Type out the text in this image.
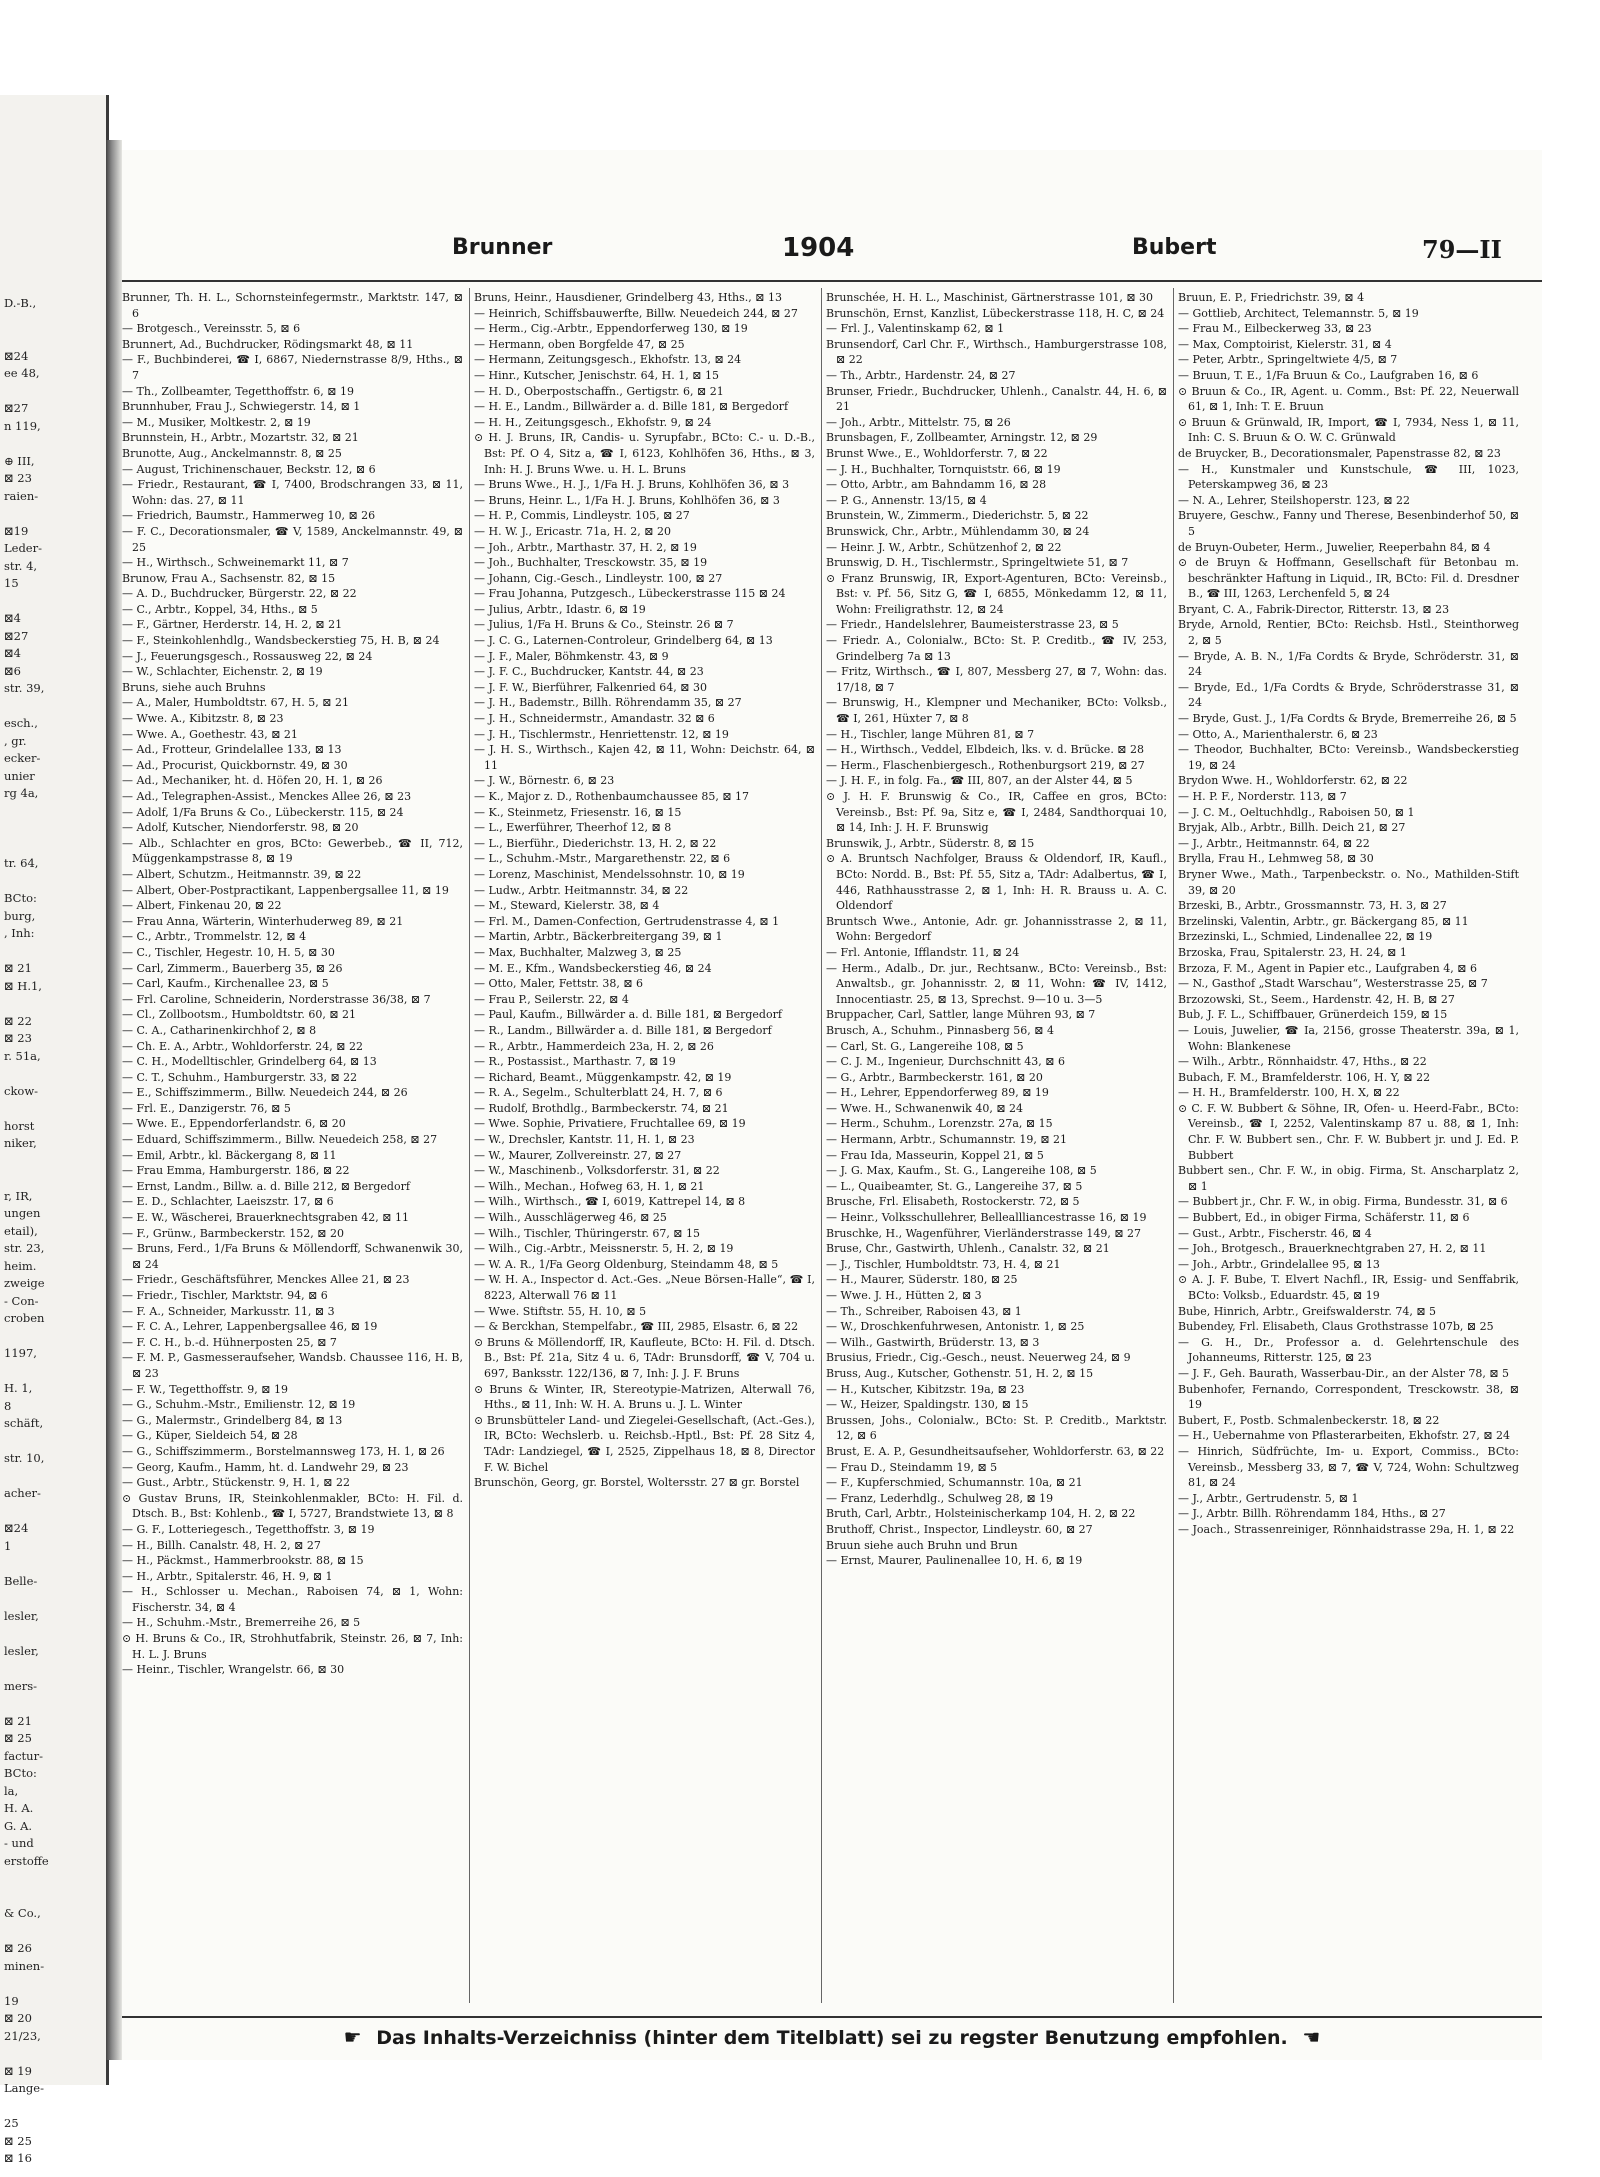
D.-B.,

⊠24
ee 48,

⊠27
n 119,

⊕ III,
⊠ 23
raien-

⊠19
Leder-
str. 4,
15

⊠4
⊠27
⊠4
⊠6
str. 39,

esch.,
, gr.
ecker-
unier
rg 4a,

tr. 64,

BCto:
burg,
, Inh:

⊠ 21
⊠ H.1,

⊠ 22
⊠ 23
r. 51a,

ckow-

horst
niker,

r, IR,
ungen
etail),
str. 23,
heim.
zweige
- Con-
croben

1197,

H. 1,
8
schäft,

str. 10,

acher-

⊠24
1

Belle-

lesler,

lesler,

mers-

⊠ 21
⊠ 25
factur-
BCto:
la,
H. A.
G. A.
- und
erstoffe

& Co.,

⊠ 26
minen-

19
⊠ 20
21/23,

⊠ 19
Lange-

25
⊠ 25
⊠ 16
Brunner	1904	Bubert	79—II

Brunner, Th. H. L., Schornsteinfegermstr., Marktstr. 147, ⊠ 6

— Brotgesch., Vereinsstr. 5, ⊠ 6

Brunnert, Ad., Buchdrucker, Rödingsmarkt 48, ⊠ 11

— F., Buchbinderei, ☎ I, 6867, Niedernstrasse 8/9, Hths., ⊠ 7

— Th., Zollbeamter, Tegetthoffstr. 6, ⊠ 19

Brunnhuber, Frau J., Schwiegerstr. 14, ⊠ 1

— M., Musiker, Moltkestr. 2, ⊠ 19

Brunnstein, H., Arbtr., Mozartstr. 32, ⊠ 21

Brunotte, Aug., Anckelmannstr. 8, ⊠ 25

— August, Trichinenschauer, Beckstr. 12, ⊠ 6

— Friedr., Restaurant, ☎ I, 7400, Brodschrangen 33, ⊠ 11, Wohn: das. 27, ⊠ 11

— Friedrich, Baumstr., Hammerweg 10, ⊠ 26

— F. C., Decorationsmaler, ☎ V, 1589, Anckelmannstr. 49, ⊠ 25

— H., Wirthsch., Schweinemarkt 11, ⊠ 7

Brunow, Frau A., Sachsenstr. 82, ⊠ 15

— A. D., Buchdrucker, Bürgerstr. 22, ⊠ 22

— C., Arbtr., Koppel, 34, Hths., ⊠ 5

— F., Gärtner, Herderstr. 14, H. 2, ⊠ 21

— F., Steinkohlenhdlg., Wandsbeckerstieg 75, H. B, ⊠ 24

— J., Feuerungsgesch., Rossausweg 22, ⊠ 24

— W., Schlachter, Eichenstr. 2, ⊠ 19

Bruns, siehe auch Bruhns

— A., Maler, Humboldtstr. 67, H. 5, ⊠ 21

— Wwe. A., Kibitzstr. 8, ⊠ 23

— Wwe. A., Goethestr. 43, ⊠ 21

— Ad., Frotteur, Grindelallee 133, ⊠ 13

— Ad., Procurist, Quickbornstr. 49, ⊠ 30

— Ad., Mechaniker, ht. d. Höfen 20, H. 1, ⊠ 26

— Ad., Telegraphen-Assist., Menckes Allee 26, ⊠ 23

— Adolf, 1/Fa Bruns & Co., Lübeckerstr. 115, ⊠ 24

— Adolf, Kutscher, Niendorferstr. 98, ⊠ 20

— Alb., Schlachter en gros, BCto: Gewerbeb., ☎ II, 712, Müggenkampstrasse 8, ⊠ 19

— Albert, Schutzm., Heitmannstr. 39, ⊠ 22

— Albert, Ober-Postpractikant, Lappenbergsallee 11, ⊠ 19

— Albert, Finkenau 20, ⊠ 22

— Frau Anna, Wärterin, Winterhuderweg 89, ⊠ 21

— C., Arbtr., Trommelstr. 12, ⊠ 4

— C., Tischler, Hegestr. 10, H. 5, ⊠ 30

— Carl, Zimmerm., Bauerberg 35, ⊠ 26

— Carl, Kaufm., Kirchenallee 23, ⊠ 5

— Frl. Caroline, Schneiderin, Norderstrasse 36/38, ⊠ 7

— Cl., Zollbootsm., Humboldtstr. 60, ⊠ 21

— C. A., Catharinenkirchhof 2, ⊠ 8

— Ch. E. A., Arbtr., Wohldorferstr. 24, ⊠ 22

— C. H., Modelltischler, Grindelberg 64, ⊠ 13

— C. T., Schuhm., Hamburgerstr. 33, ⊠ 22

— E., Schiffszimmerm., Billw. Neuedeich 244, ⊠ 26

— Frl. E., Danzigerstr. 76, ⊠ 5

— Wwe. E., Eppendorferlandstr. 6, ⊠ 20

— Eduard, Schiffszimmerm., Billw. Neuedeich 258, ⊠ 27

— Emil, Arbtr., kl. Bäckergang 8, ⊠ 11

— Frau Emma, Hamburgerstr. 186, ⊠ 22

— Ernst, Landm., Billw. a. d. Bille 212, ⊠ Bergedorf

— E. D., Schlachter, Laeiszstr. 17, ⊠ 6

— E. W., Wäscherei, Brauerknechtsgraben 42, ⊠ 11

— F., Grünw., Barmbeckerstr. 152, ⊠ 20

— Bruns, Ferd., 1/Fa Bruns & Möllendorff, Schwanenwik 30, ⊠ 24

— Friedr., Geschäftsführer, Menckes Allee 21, ⊠ 23

— Friedr., Tischler, Marktstr. 94, ⊠ 6

— F. A., Schneider, Markusstr. 11, ⊠ 3

— F. C. A., Lehrer, Lappenbergsallee 46, ⊠ 19

— F. C. H., b.-d. Hühnerposten 25, ⊠ 7

— F. M. P., Gasmesseraufseher, Wandsb. Chaussee 116, H. B, ⊠ 23

— F. W., Tegetthoffstr. 9, ⊠ 19

— G., Schuhm.-Mstr., Emilienstr. 12, ⊠ 19

— G., Malermstr., Grindelberg 84, ⊠ 13

— G., Küper, Sieldeich 54, ⊠ 28

— G., Schiffszimmerm., Borstelmannsweg 173, H. 1, ⊠ 26

— Georg, Kaufm., Hamm, ht. d. Landwehr 29, ⊠ 23

— Gust., Arbtr., Stückenstr. 9, H. 1, ⊠ 22

⊙ Gustav Bruns, IR, Steinkohlenmakler, BCto: H. Fil. d. Dtsch. B., Bst: Kohlenb., ☎ I, 5727, Brandstwiete 13, ⊠ 8

— G. F., Lotteriegesch., Tegetthoffstr. 3, ⊠ 19

— H., Billh. Canalstr. 48, H. 2, ⊠ 27

— H., Päckmst., Hammerbrookstr. 88, ⊠ 15

— H., Arbtr., Spitalerstr. 46, H. 9, ⊠ 1

— H., Schlosser u. Mechan., Raboisen 74, ⊠ 1, Wohn: Fischerstr. 34, ⊠ 4

— H., Schuhm.-Mstr., Bremerreihe 26, ⊠ 5

⊙ H. Bruns & Co., IR, Strohhutfabrik, Steinstr. 26, ⊠ 7, Inh: H. L. J. Bruns

— Heinr., Tischler, Wrangelstr. 66, ⊠ 30

Bruns, Heinr., Hausdiener, Grindelberg 43, Hths., ⊠ 13

— Heinrich, Schiffsbauwerfte, Billw. Neuedeich 244, ⊠ 27

— Herm., Cig.-Arbtr., Eppendorferweg 130, ⊠ 19

— Hermann, oben Borgfelde 47, ⊠ 25

— Hermann, Zeitungsgesch., Ekhofstr. 13, ⊠ 24

— Hinr., Kutscher, Jenischstr. 64, H. 1, ⊠ 15

— H. D., Oberpostschaffn., Gertigstr. 6, ⊠ 21

— H. E., Landm., Billwärder a. d. Bille 181, ⊠ Bergedorf

— H. H., Zeitungsgesch., Ekhofstr. 9, ⊠ 24

⊙ H. J. Bruns, IR, Candis- u. Syrupfabr., BCto: C.- u. D.-B., Bst: Pf. O 4, Sitz a, ☎ I, 6123, Kohlhöfen 36, Hths., ⊠ 3, Inh: H. J. Bruns Wwe. u. H. L. Bruns

— Bruns Wwe., H. J., 1/Fa H. J. Bruns, Kohlhöfen 36, ⊠ 3

— Bruns, Heinr. L., 1/Fa H. J. Bruns, Kohlhöfen 36, ⊠ 3

— H. P., Commis, Lindleystr. 105, ⊠ 27

— H. W. J., Ericastr. 71a, H. 2, ⊠ 20

— Joh., Arbtr., Marthastr. 37, H. 2, ⊠ 19

— Joh., Buchhalter, Tresckowstr. 35, ⊠ 19

— Johann, Cig.-Gesch., Lindleystr. 100, ⊠ 27

— Frau Johanna, Putzgesch., Lübeckerstrasse 115 ⊠ 24

— Julius, Arbtr., Idastr. 6, ⊠ 19

— Julius, 1/Fa H. Bruns & Co., Steinstr. 26 ⊠ 7

— J. C. G., Laternen-Controleur, Grindelberg 64, ⊠ 13

— J. F., Maler, Böhmkenstr. 43, ⊠ 9

— J. F. C., Buchdrucker, Kantstr. 44, ⊠ 23

— J. F. W., Bierführer, Falkenried 64, ⊠ 30

— J. H., Bademstr., Billh. Röhrendamm 35, ⊠ 27

— J. H., Schneidermstr., Amandastr. 32 ⊠ 6

— J. H., Tischlermstr., Henriettenstr. 12, ⊠ 19

— J. H. S., Wirthsch., Kajen 42, ⊠ 11, Wohn: Deichstr. 64, ⊠ 11

— J. W., Börnestr. 6, ⊠ 23

— K., Major z. D., Rothenbaumchaussee 85, ⊠ 17

— K., Steinmetz, Friesenstr. 16, ⊠ 15

— L., Ewerführer, Theerhof 12, ⊠ 8

— L., Bierführ., Diederichstr. 13, H. 2, ⊠ 22

— L., Schuhm.-Mstr., Margarethenstr. 22, ⊠ 6

— Lorenz, Maschinist, Mendelssohnstr. 10, ⊠ 19

— Ludw., Arbtr. Heitmannstr. 34, ⊠ 22

— M., Steward, Kielerstr. 38, ⊠ 4

— Frl. M., Damen-Confection, Gertrudenstrasse 4, ⊠ 1

— Martin, Arbtr., Bäckerbreitergang 39, ⊠ 1

— Max, Buchhalter, Malzweg 3, ⊠ 25

— M. E., Kfm., Wandsbeckerstieg 46, ⊠ 24

— Otto, Maler, Fettstr. 38, ⊠ 6

— Frau P., Seilerstr. 22, ⊠ 4

— Paul, Kaufm., Billwärder a. d. Bille 181, ⊠ Bergedorf

— R., Landm., Billwärder a. d. Bille 181, ⊠ Bergedorf

— R., Arbtr., Hammerdeich 23a, H. 2, ⊠ 26

— R., Postassist., Marthastr. 7, ⊠ 19

— Richard, Beamt., Müggenkampstr. 42, ⊠ 19

— R. A., Segelm., Schulterblatt 24, H. 7, ⊠ 6

— Rudolf, Brothdlg., Barmbeckerstr. 74, ⊠ 21

— Wwe. Sophie, Privatiere, Fruchtallee 69, ⊠ 19

— W., Drechsler, Kantstr. 11, H. 1, ⊠ 23

— W., Maurer, Zollvereinstr. 27, ⊠ 27

— W., Maschinenb., Volksdorferstr. 31, ⊠ 22

— Wilh., Mechan., Hofweg 63, H. 1, ⊠ 21

— Wilh., Wirthsch., ☎ I, 6019, Kattrepel 14, ⊠ 8

— Wilh., Ausschlägerweg 46, ⊠ 25

— Wilh., Tischler, Thüringerstr. 67, ⊠ 15

— Wilh., Cig.-Arbtr., Meissnerstr. 5, H. 2, ⊠ 19

— W. A. R., 1/Fa Georg Oldenburg, Steindamm 48, ⊠ 5

— W. H. A., Inspector d. Act.-Ges. „Neue Börsen-Halle“, ☎ I, 8223, Alterwall 76 ⊠ 11

— Wwe. Stiftstr. 55, H. 10, ⊠ 5

— & Berckhan, Stempelfabr., ☎ III, 2985, Elsastr. 6, ⊠ 22

⊙ Bruns & Möllendorff, IR, Kaufleute, BCto: H. Fil. d. Dtsch. B., Bst: Pf. 21a, Sitz 4 u. 6, TAdr: Brunsdorff, ☎ V, 704 u. 697, Banksstr. 122/136, ⊠ 7, Inh: J. J. F. Bruns

⊙ Bruns & Winter, IR, Stereotypie-Matrizen, Alterwall 76, Hths., ⊠ 11, Inh: W. H. A. Bruns u. J. L. Winter

⊙ Brunsbütteler Land- und Ziegelei-Gesellschaft, (Act.-Ges.), IR, BCto: Wechslerb. u. Reichsb.-Hptl., Bst: Pf. 28 Sitz 4, TAdr: Landziegel, ☎ I, 2525, Zippelhaus 18, ⊠ 8, Director F. W. Bichel

Brunschön, Georg, gr. Borstel, Woltersstr. 27 ⊠ gr. Borstel

Brunschée, H. H. L., Maschinist, Gärtnerstrasse 101, ⊠ 30

Brunschön, Ernst, Kanzlist, Lübeckerstrasse 118, H. C, ⊠ 24

— Frl. J., Valentinskamp 62, ⊠ 1

Brunsendorf, Carl Chr. F., Wirthsch., Hamburgerstrasse 108, ⊠ 22

— Th., Arbtr., Hardenstr. 24, ⊠ 27

Brunser, Friedr., Buchdrucker, Uhlenh., Canalstr. 44, H. 6, ⊠ 21

— Joh., Arbtr., Mittelstr. 75, ⊠ 26

Brunsbagen, F., Zollbeamter, Arningstr. 12, ⊠ 29

Brunst Wwe., E., Wohldorferstr. 7, ⊠ 22

— J. H., Buchhalter, Tornquiststr. 66, ⊠ 19

— Otto, Arbtr., am Bahndamm 16, ⊠ 28

— P. G., Annenstr. 13/15, ⊠ 4

Brunstein, W., Zimmerm., Diederichstr. 5, ⊠ 22

Brunswick, Chr., Arbtr., Mühlendamm 30, ⊠ 24

— Heinr. J. W., Arbtr., Schützenhof 2, ⊠ 22

Brunswig, D. H., Tischlermstr., Springeltwiete 51, ⊠ 7

⊙ Franz Brunswig, IR, Export-Agenturen, BCto: Vereinsb., Bst: v. Pf. 56, Sitz G, ☎ I, 6855, Mönkedamm 12, ⊠ 11, Wohn: Freiligrathstr. 12, ⊠ 24

— Friedr., Handelslehrer, Baumeisterstrasse 23, ⊠ 5

— Friedr. A., Colonialw., BCto: St. P. Creditb., ☎ IV, 253, Grindelberg 7a ⊠ 13

— Fritz, Wirthsch., ☎ I, 807, Messberg 27, ⊠ 7, Wohn: das. 17/18, ⊠ 7

— Brunswig, H., Klempner und Mechaniker, BCto: Volksb., ☎ I, 261, Hüxter 7, ⊠ 8

— H., Tischler, lange Mühren 81, ⊠ 7

— H., Wirthsch., Veddel, Elbdeich, lks. v. d. Brücke. ⊠ 28

— Herm., Flaschenbiergesch., Rothenburgsort 219, ⊠ 27

— J. H. F., in folg. Fa., ☎ III, 807, an der Alster 44, ⊠ 5

⊙ J. H. F. Brunswig & Co., IR, Caffee en gros, BCto: Vereinsb., Bst: Pf. 9a, Sitz e, ☎ I, 2484, Sandthorquai 10, ⊠ 14, Inh: J. H. F. Brunswig

Brunswik, J., Arbtr., Süderstr. 8, ⊠ 15

⊙ A. Bruntsch Nachfolger, Brauss & Oldendorf, IR, Kaufl., BCto: Nordd. B., Bst: Pf. 55, Sitz a, TAdr: Adalbertus, ☎ I, 446, Rathhausstrasse 2, ⊠ 1, Inh: H. R. Brauss u. A. C. Oldendorf

Bruntsch Wwe., Antonie, Adr. gr. Johannisstrasse 2, ⊠ 11, Wohn: Bergedorf

— Frl. Antonie, Ifflandstr. 11, ⊠ 24

— Herm., Adalb., Dr. jur., Rechtsanw., BCto: Vereinsb., Bst: Anwaltsb., gr. Johannisstr. 2, ⊠ 11, Wohn: ☎ IV, 1412, Innocentiastr. 25, ⊠ 13, Sprechst. 9—10 u. 3—5

Bruppacher, Carl, Sattler, lange Mühren 93, ⊠ 7

Brusch, A., Schuhm., Pinnasberg 56, ⊠ 4

— Carl, St. G., Langereihe 108, ⊠ 5

— C. J. M., Ingenieur, Durchschnitt 43, ⊠ 6

— G., Arbtr., Barmbeckerstr. 161, ⊠ 20

— H., Lehrer, Eppendorferweg 89, ⊠ 19

— Wwe. H., Schwanenwik 40, ⊠ 24

— Herm., Schuhm., Lorenzstr. 27a, ⊠ 15

— Hermann, Arbtr., Schumannstr. 19, ⊠ 21

— Frau Ida, Masseurin, Koppel 21, ⊠ 5

— J. G. Max, Kaufm., St. G., Langereihe 108, ⊠ 5

— L., Quaibeamter, St. G., Langereihe 37, ⊠ 5

Brusche, Frl. Elisabeth, Rostockerstr. 72, ⊠ 5

— Heinr., Volksschullehrer, Belleallliancestrasse 16, ⊠ 19

Bruschke, H., Wagenführer, Vierländerstrasse 149, ⊠ 27

Bruse, Chr., Gastwirth, Uhlenh., Canalstr. 32, ⊠ 21

— J., Tischler, Humboldtstr. 73, H. 4, ⊠ 21

— H., Maurer, Süderstr. 180, ⊠ 25

— Wwe. J. H., Hütten 2, ⊠ 3

— Th., Schreiber, Raboisen 43, ⊠ 1

— W., Droschkenfuhrwesen, Antonistr. 1, ⊠ 25

— Wilh., Gastwirth, Brüderstr. 13, ⊠ 3

Brusius, Friedr., Cig.-Gesch., neust. Neuerweg 24, ⊠ 9

Bruss, Aug., Kutscher, Gothenstr. 51, H. 2, ⊠ 15

— H., Kutscher, Kibitzstr. 19a, ⊠ 23

— W., Heizer, Spaldingstr. 130, ⊠ 15

Brussen, Johs., Colonialw., BCto: St. P. Creditb., Marktstr. 12, ⊠ 6

Brust, E. A. P., Gesundheitsaufseher, Wohldorferstr. 63, ⊠ 22

— Frau D., Steindamm 19, ⊠ 5

— F., Kupferschmied, Schumannstr. 10a, ⊠ 21

— Franz, Lederhdlg., Schulweg 28, ⊠ 19

Bruth, Carl, Arbtr., Holsteinischerkamp 104, H. 2, ⊠ 22

Bruthoff, Christ., Inspector, Lindleystr. 60, ⊠ 27

Bruun siehe auch Bruhn und Brun

— Ernst, Maurer, Paulinenallee 10, H. 6, ⊠ 19

Bruun, E. P., Friedrichstr. 39, ⊠ 4

— Gottlieb, Architect, Telemannstr. 5, ⊠ 19

— Frau M., Eilbeckerweg 33, ⊠ 23

— Max, Comptoirist, Kielerstr. 31, ⊠ 4

— Peter, Arbtr., Springeltwiete 4/5, ⊠ 7

— Bruun, T. E., 1/Fa Bruun & Co., Laufgraben 16, ⊠ 6

⊙ Bruun & Co., IR, Agent. u. Comm., Bst: Pf. 22, Neuerwall 61, ⊠ 1, Inh: T. E. Bruun

⊙ Bruun & Grünwald, IR, Import, ☎ I, 7934, Ness 1, ⊠ 11, Inh: C. S. Bruun & O. W. C. Grünwald

de Bruycker, B., Decorationsmaler, Papenstrasse 82, ⊠ 23

— H., Kunstmaler und Kunstschule, ☎ III, 1023, Peterskampweg 36, ⊠ 23

— N. A., Lehrer, Steilshoperstr. 123, ⊠ 22

Bruyere, Geschw., Fanny und Therese, Besenbinderhof 50, ⊠ 5

de Bruyn-Oubeter, Herm., Juwelier, Reeperbahn 84, ⊠ 4

⊙ de Bruyn & Hoffmann, Gesellschaft für Betonbau m. beschränkter Haftung in Liquid., IR, BCto: Fil. d. Dresdner B., ☎ III, 1263, Lerchenfeld 5, ⊠ 24

Bryant, C. A., Fabrik-Director, Ritterstr. 13, ⊠ 23

Bryde, Arnold, Rentier, BCto: Reichsb. Hstl., Steinthorweg 2, ⊠ 5

— Bryde, A. B. N., 1/Fa Cordts & Bryde, Schröderstr. 31, ⊠ 24

— Bryde, Ed., 1/Fa Cordts & Bryde, Schröderstrasse 31, ⊠ 24

— Bryde, Gust. J., 1/Fa Cordts & Bryde, Bremerreihe 26, ⊠ 5

— Otto, A., Marienthalerstr. 6, ⊠ 23

— Theodor, Buchhalter, BCto: Vereinsb., Wandsbeckerstieg 19, ⊠ 24

Brydon Wwe. H., Wohldorferstr. 62, ⊠ 22

— H. P. F., Norderstr. 113, ⊠ 7

— J. C. M., Oeltuchhdlg., Raboisen 50, ⊠ 1

Bryjak, Alb., Arbtr., Billh. Deich 21, ⊠ 27

— J., Arbtr., Heitmannstr. 64, ⊠ 22

Brylla, Frau H., Lehmweg 58, ⊠ 30

Bryner Wwe., Math., Tarpenbeckstr. o. No., Mathilden-Stift 39, ⊠ 20

Brzeski, B., Arbtr., Grossmannstr. 73, H. 3, ⊠ 27

Brzelinski, Valentin, Arbtr., gr. Bäckergang 85, ⊠ 11

Brzezinski, L., Schmied, Lindenallee 22, ⊠ 19

Brzoska, Frau, Spitalerstr. 23, H. 24, ⊠ 1

Brzoza, F. M., Agent in Papier etc., Laufgraben 4, ⊠ 6

— N., Gasthof „Stadt Warschau“, Westerstrasse 25, ⊠ 7

Brzozowski, St., Seem., Hardenstr. 42, H. B, ⊠ 27

Bub, J. F. L., Schiffbauer, Grünerdeich 159, ⊠ 15

— Louis, Juwelier, ☎ Ia, 2156, grosse Theaterstr. 39a, ⊠ 1, Wohn: Blankenese

— Wilh., Arbtr., Rönnhaidstr. 47, Hths., ⊠ 22

Bubach, F. M., Bramfelderstr. 106, H. Y, ⊠ 22

— H. H., Bramfelderstr. 100, H. X, ⊠ 22

⊙ C. F. W. Bubbert & Söhne, IR, Ofen- u. Heerd-Fabr., BCto: Vereinsb., ☎ I, 2252, Valentinskamp 87 u. 88, ⊠ 1, Inh: Chr. F. W. Bubbert sen., Chr. F. W. Bubbert jr. und J. Ed. P. Bubbert

Bubbert sen., Chr. F. W., in obig. Firma, St. Anscharplatz 2, ⊠ 1

— Bubbert jr., Chr. F. W., in obig. Firma, Bundesstr. 31, ⊠ 6

— Bubbert, Ed., in obiger Firma, Schäferstr. 11, ⊠ 6

— Gust., Arbtr., Fischerstr. 46, ⊠ 4

— Joh., Brotgesch., Brauerknechtgraben 27, H. 2, ⊠ 11

— Joh., Arbtr., Grindelallee 95, ⊠ 13

⊙ A. J. F. Bube, T. Elvert Nachfl., IR, Essig- und Senffabrik, BCto: Volksb., Eduardstr. 45, ⊠ 19

Bube, Hinrich, Arbtr., Greifswalderstr. 74, ⊠ 5

Bubendey, Frl. Elisabeth, Claus Grothstrasse 107b, ⊠ 25

— G. H., Dr., Professor a. d. Gelehrtenschule des Johanneums, Ritterstr. 125, ⊠ 23

— J. F., Geh. Baurath, Wasserbau-Dir., an der Alster 78, ⊠ 5

Bubenhofer, Fernando, Correspondent, Tresckowstr. 38, ⊠ 19

Bubert, F., Postb. Schmalenbeckerstr. 18, ⊠ 22

— H., Uebernahme von Pflasterarbeiten, Ekhofstr. 27, ⊠ 24

— Hinrich, Südfrüchte, Im- u. Export, Commiss., BCto: Vereinsb., Messberg 33, ⊠ 7, ☎ V, 724, Wohn: Schultzweg 81, ⊠ 24

— J., Arbtr., Gertrudenstr. 5, ⊠ 1

— J., Arbtr. Billh. Röhrendamm 184, Hths., ⊠ 27

— Joach., Strassenreiniger, Rönnhaidstrasse 29a, H. 1, ⊠ 22

☛ Das Inhalts-Verzeichniss (hinter dem Titelblatt) sei zu regster Benutzung empfohlen. ☚
